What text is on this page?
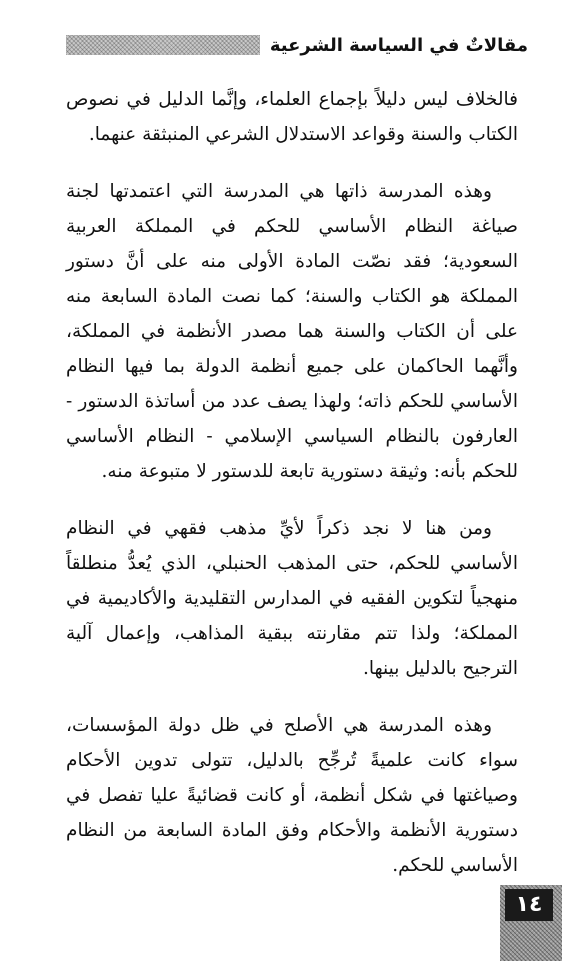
مقالاتٌ في السياسة الشرعية

فالخلاف ليس دليلاً بإجماع العلماء، وإنَّما الدليل في نصوص الكتاب والسنة وقواعد الاستدلال الشرعي المنبثقة عنهما.

وهذه المدرسة ذاتها هي المدرسة التي اعتمدتها لجنة صياغة النظام الأساسي للحكم في المملكة العربية السعودية؛ فقد نصّت المادة الأولى منه على أنَّ دستور المملكة هو الكتاب والسنة؛ كما نصت المادة السابعة منه على أن الكتاب والسنة هما مصدر الأنظمة في المملكة، وأنَّهما الحاكمان على جميع أنظمة الدولة بما فيها النظام الأساسي للحكم ذاته؛ ولهذا يصف عدد من أساتذة الدستور - العارفون بالنظام السياسي الإسلامي - النظام الأساسي للحكم بأنه: وثيقة دستورية تابعة للدستور لا متبوعة منه.

ومن هنا لا نجد ذكراً لأيِّ مذهب فقهي في النظام الأساسي للحكم، حتى المذهب الحنبلي، الذي يُعدُّ منطلقاً منهجياً لتكوين الفقيه في المدارس التقليدية والأكاديمية في المملكة؛ ولذا تتم مقارنته ببقية المذاهب، وإعمال آلية الترجيح بالدليل بينها.

وهذه المدرسة هي الأصلح في ظل دولة المؤسسات، سواء كانت علميةً تُرجِّح بالدليل، تتولى تدوين الأحكام وصياغتها في شكل أنظمة، أو كانت قضائيةً عليا تفصل في دستورية الأنظمة والأحكام وفق المادة السابعة من النظام الأساسي للحكم.

١٤
